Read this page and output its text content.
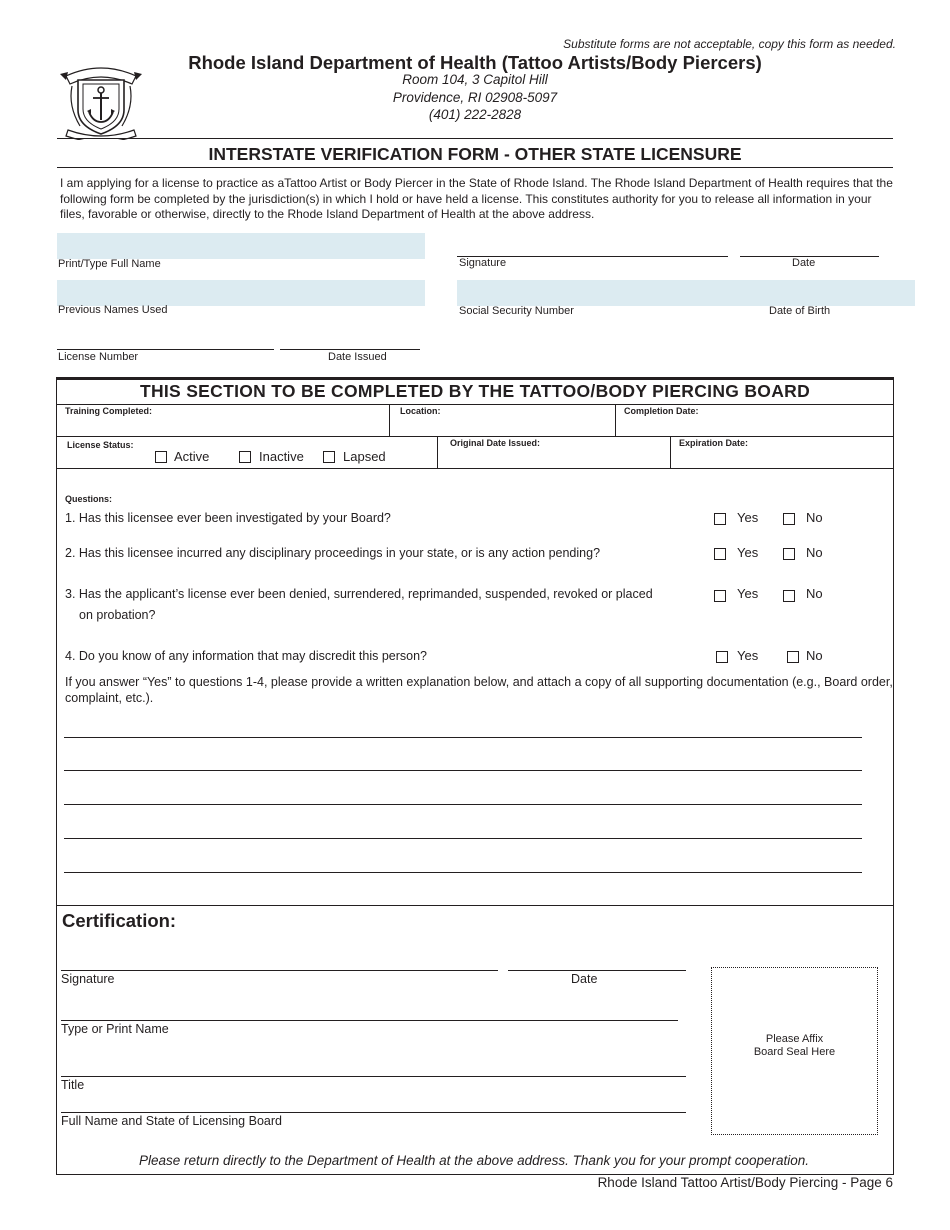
Substitute forms are not acceptable, copy this form as needed.
Rhode Island Department of Health (Tattoo Artists/Body Piercers)
Room 104, 3 Capitol Hill
Providence, RI 02908-5097
(401) 222-2828
INTERSTATE VERIFICATION FORM - OTHER STATE LICENSURE
I am applying for a license to practice as aTattoo Artist or Body Piercer in the State of Rhode Island. The Rhode Island Department of Health requires that the following form be completed by the jurisdiction(s) in which I hold or have held a license. This constitutes authority for you to release all information in your files, favorable or otherwise, directly to the Rhode Island Department of Health at the above address.
Print/Type Full Name	Signature	Date
Previous Names Used	Social Security Number	Date of Birth
License Number	Date Issued
THIS SECTION TO BE COMPLETED BY THE TATTOO/BODY PIERCING BOARD
Training Completed:	Location:	Completion Date:
License Status:
Active	Inactive	Lapsed
Original Date Issued:	Expiration Date:
Questions:
1. Has this licensee ever been investigated by your Board?	Yes	No
2. Has this licensee incurred any disciplinary proceedings in your state, or is any action pending?	Yes	No
3. Has the applicant’s license ever been denied, surrendered, reprimanded, suspended, revoked or placed
on probation?
Yes	No
4. Do you know of any information that may discredit this person?	Yes	No
If you answer “Yes” to questions 1-4, please provide a written explanation below, and attach a copy of all supporting documentation (e.g., Board order, complaint, etc.).
Certification:
Signature	Date
Type or Print Name
Title
Full Name and State of Licensing Board
Please Affix
Board Seal Here
Please return directly to the Department of Health at the above address. Thank you for your prompt cooperation.
Rhode Island Tattoo Artist/Body Piercing - Page 6
